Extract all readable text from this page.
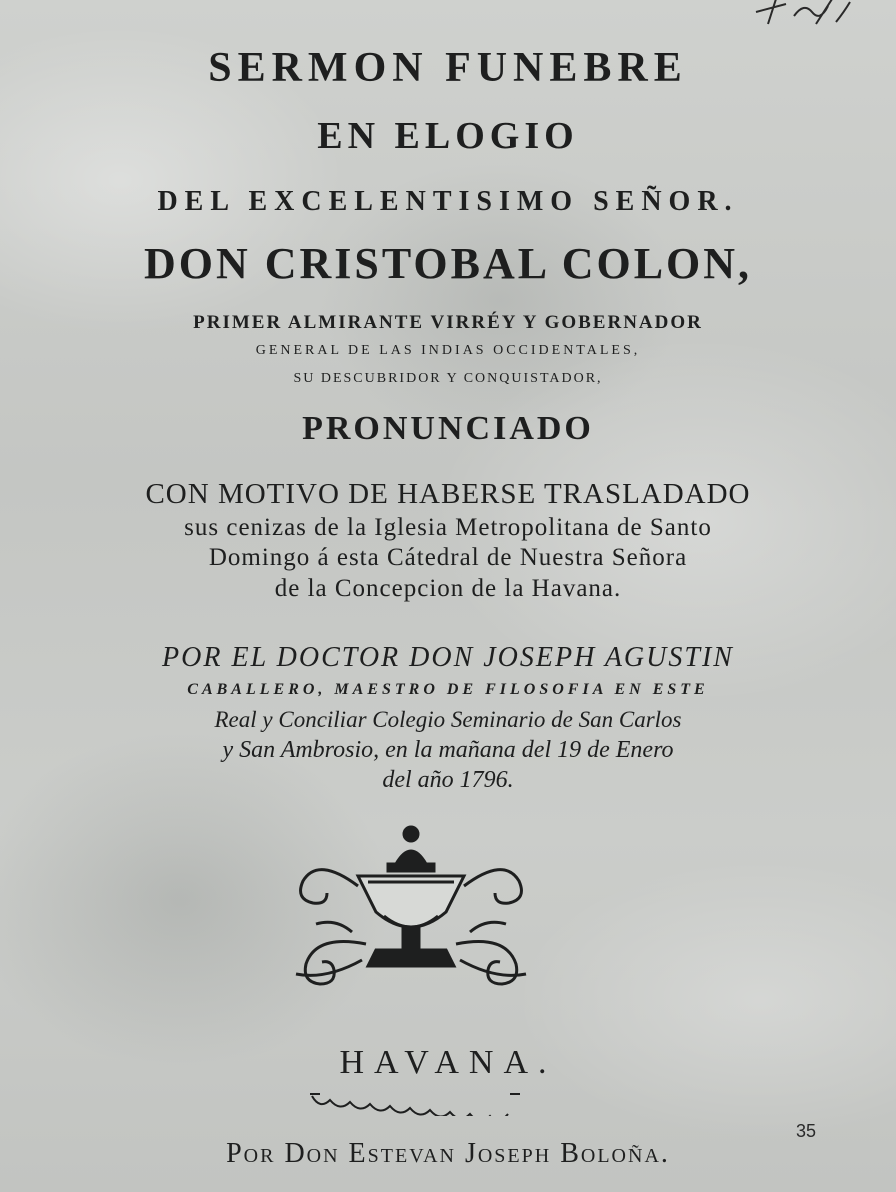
SERMON FUNEBRE
EN ELOGIO
DEL EXCELENTISIMO SEÑOR.
DON CRISTOBAL COLON,
PRIMER ALMIRANTE VIRRÉY Y GOBERNADOR
GENERAL DE LAS INDIAS OCCIDENTALES,
SU DESCUBRIDOR Y CONQUISTADOR,
PRONUNCIADO
CON MOTIVO DE HABERSE TRASLADADO
sus cenizas de la Iglesia Metropolitana de Santo
Domingo á esta Cátedral de Nuestra Señora
de la Concepcion de la Havana.
POR EL DOCTOR DON JOSEPH AGUSTIN
CABALLERO, MAESTRO DE FILOSOFIA EN ESTE
Real y Conciliar Colegio Seminario de San Carlos
y San Ambrosio, en la mañana del 19 de Enero
del año 1796.
HAVANA.
Por Don Estevan Joseph Boloña.
35
